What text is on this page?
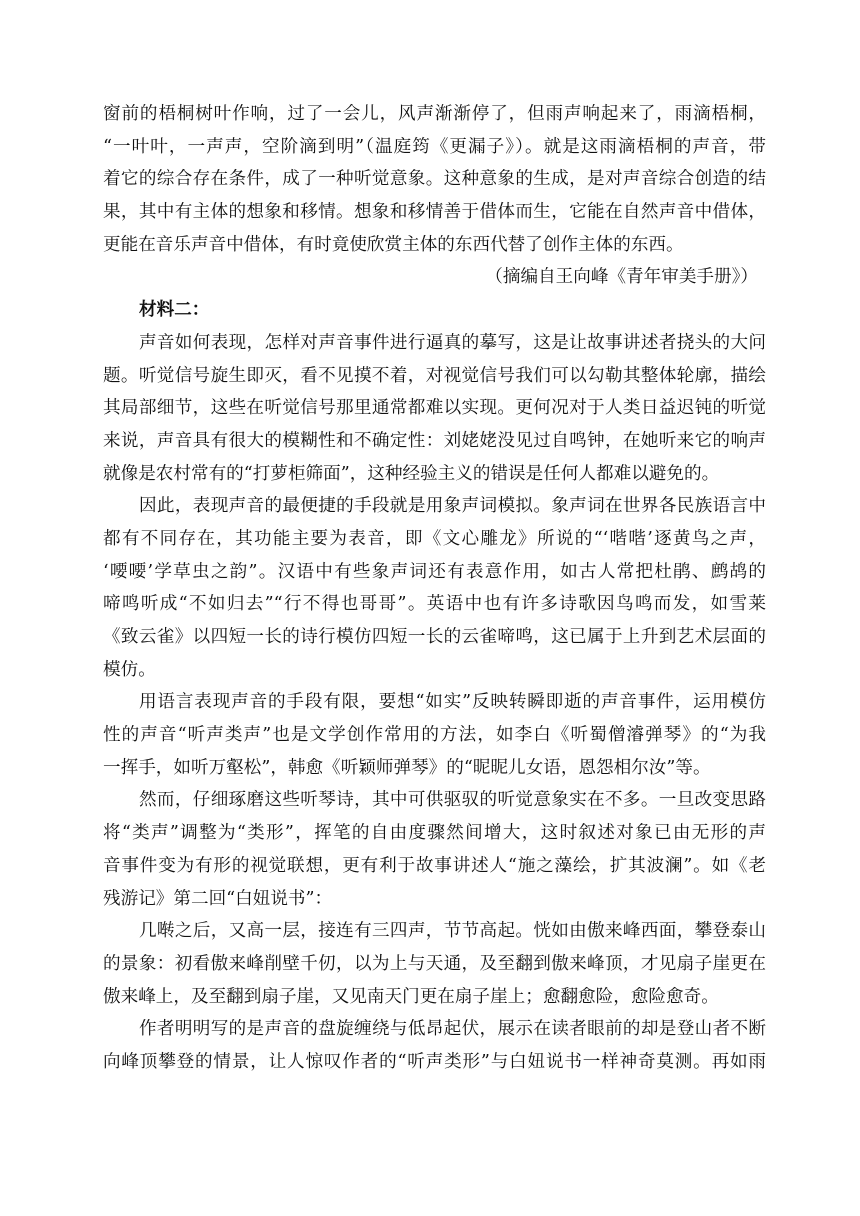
窗前的梧桐树叶作响，过了一会儿，风声渐渐停了，但雨声响起来了，雨滴梧桐，
“一叶叶，一声声，空阶滴到明”（温庭筠《更漏子》）。就是这雨滴梧桐的声音，带
着它的综合存在条件，成了一种听觉意象。这种意象的生成，是对声音综合创造的结
果，其中有主体的想象和移情。想象和移情善于借体而生，它能在自然声音中借体，
更能在音乐声音中借体，有时竟使欣赏主体的东西代替了创作主体的东西。
（摘编自王向峰《青年审美手册》）
材料二：
声音如何表现，怎样对声音事件进行逼真的摹写，这是让故事讲述者挠头的大问
题。听觉信号旋生即灭，看不见摸不着，对视觉信号我们可以勾勒其整体轮廓，描绘
其局部细节，这些在听觉信号那里通常都难以实现。更何况对于人类日益迟钝的听觉
来说，声音具有很大的模糊性和不确定性：刘姥姥没见过自鸣钟，在她听来它的响声
就像是农村常有的“打萝柜筛面”，这种经验主义的错误是任何人都难以避免的。
因此，表现声音的最便捷的手段就是用象声词模拟。象声词在世界各民族语言中
都有不同存在，其功能主要为表音，即《文心雕龙》所说的“‘喈喈’逐黄鸟之声，
‘喓喓’学草虫之韵”。汉语中有些象声词还有表意作用，如古人常把杜鹃、鹧鸪的
啼鸣听成“不如归去”“行不得也哥哥”。英语中也有许多诗歌因鸟鸣而发，如雪莱
《致云雀》以四短一长的诗行模仿四短一长的云雀啼鸣，这已属于上升到艺术层面的
模仿。
用语言表现声音的手段有限，要想“如实”反映转瞬即逝的声音事件，运用模仿
性的声音“听声类声”也是文学创作常用的方法，如李白《听蜀僧濬弹琴》的“为我
一挥手，如听万壑松”，韩愈《听颖师弹琴》的“昵昵儿女语，恩怨相尔汝”等。
然而，仔细琢磨这些听琴诗，其中可供驱驭的听觉意象实在不多。一旦改变思路
将“类声”调整为“类形”，挥笔的自由度骤然间增大，这时叙述对象已由无形的声
音事件变为有形的视觉联想，更有利于故事讲述人“施之藻绘，扩其波澜”。如《老
残游记》第二回“白妞说书”：
几啭之后，又高一层，接连有三四声，节节高起。恍如由傲来峰西面，攀登泰山
的景象：初看傲来峰削壁千仞，以为上与天通，及至翻到傲来峰顶，才见扇子崖更在
傲来峰上，及至翻到扇子崖，又见南天门更在扇子崖上；愈翻愈险，愈险愈奇。
作者明明写的是声音的盘旋缠绕与低昂起伏，展示在读者眼前的却是登山者不断
向峰顶攀登的情景，让人惊叹作者的“听声类形”与白妞说书一样神奇莫测。再如雨
